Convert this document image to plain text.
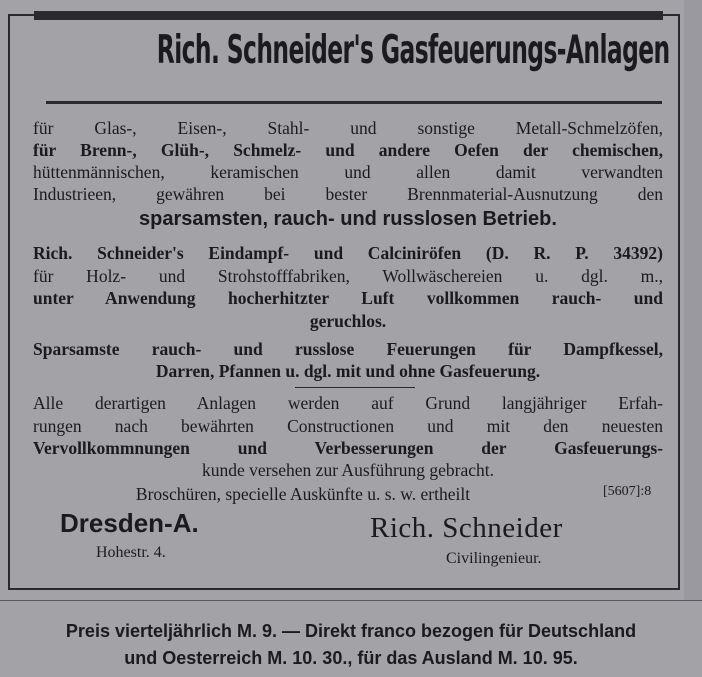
Rich. Schneider's Gasfeuerungs-Anlagen
für Glas-, Eisen-, Stahl- und sonstige Metall-Schmelzöfen,
für Brenn-, Glüh-, Schmelz- und andere Oefen der chemischen,
hüttenmännischen, keramischen und allen damit verwandten
Industrieen, gewähren bei bester Brennmaterial-Ausnutzung den
sparsamsten, rauch- und russlosen Betrieb.
Rich. Schneider's Eindampf- und Calciniröfen (D. R. P. 34392)
für Holz- und Strohstofffabriken, Wollwäschereien u. dgl. m.,
unter Anwendung hocherhitzter Luft vollkommen rauch- und
geruchlos.
Sparsamste rauch- und russlose Feuerungen für Dampfkessel,
Darren, Pfannen u. dgl. mit und ohne Gasfeuerung.
Alle derartigen Anlagen werden auf Grund langjähriger Erfah-
rungen nach bewährten Constructionen und mit den neuesten
Vervollkommnungen und Verbesserungen der Gasfeuerungs-
kunde versehen zur Ausführung gebracht.
Broschüren, specielle Auskünfte u. s. w. ertheilt	[5607]:8
Dresden-A.
Hohestr. 4.
Rich. Schneider
Civilingenieur.
Preis vierteljährlich M. 9. — Direkt franco bezogen für Deutschland
und Oesterreich M. 10. 30., für das Ausland M. 10. 95.
